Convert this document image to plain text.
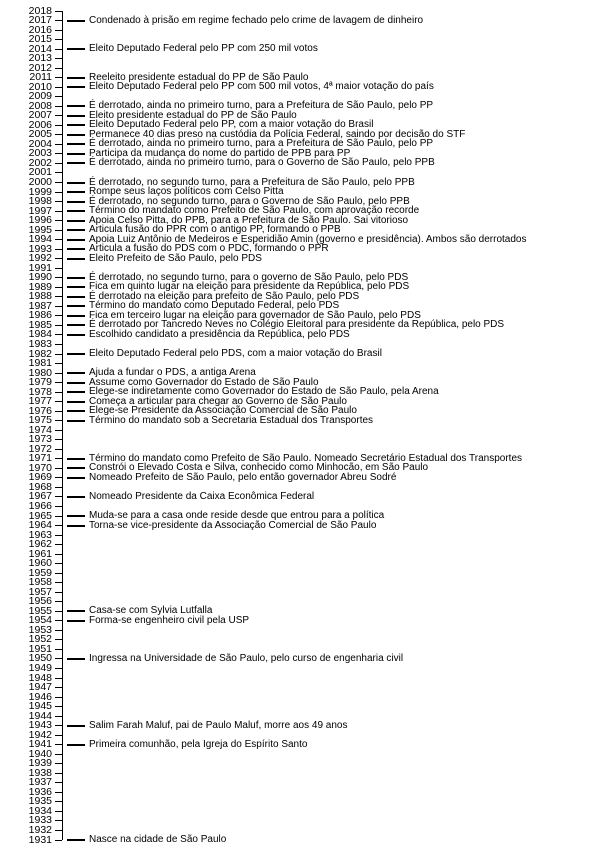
2018
2017
2016
2015
2014
2013
2012
2011
2010
2009
2008
2007
2006
2005
2004
2003
2002
2001
2000
1999
1998
1997
1996
1995
1994
1993
1992
1991
1990
1989
1988
1987
1986
1985
1984
1983
1982
1981
1980
1979
1978
1977
1976
1975
1974
1973
1972
1971
1970
1969
1968
1967
1966
1965
1964
1963
1962
1961
1960
1959
1958
1957
1956
1955
1954
1953
1952
1951
1950
1949
1948
1947
1946
1945
1944
1943
1942
1941
1940
1939
1938
1937
1936
1935
1934
1933
1932
1931
Condenado à prisão em regime fechado pelo crime de lavagem de dinheiro
Eleito Deputado Federal pelo PP com 250 mil votos
Reeleito presidente estadual do PP de São Paulo
Eleito Deputado Federal pelo PP com 500 mil votos, 4ª maior votação do país
É derrotado, ainda no primeiro turno, para a Prefeitura de São Paulo, pelo PP
Eleito presidente estadual do PP de São Paulo
Eleito Deputado Federal pelo PP, com a maior votação do Brasil
Permanece 40 dias preso na custódia da Polícia Federal, saindo por decisão do STF
É derrotado, ainda no primeiro turno, para a Prefeitura de São Paulo, pelo PP
Participa da mudança do nome do partido de PPB para PP
É derrotado, ainda no primeiro turno, para o Governo de São Paulo, pelo PPB
É derrotado, no segundo turno, para a Prefeitura de São Paulo, pelo PPB
Rompe seus laços políticos com Celso Pitta
É derrotado, no segundo turno, para o Governo de São Paulo, pelo PPB
Término do mandato como Prefeito de São Paulo, com aprovação recorde
Apoia Celso Pitta, do PPB, para a Prefeitura de São Paulo. Sai vitorioso
Articula fusão do PPR com o antigo PP, formando o PPB
Apoia Luiz Antônio de Medeiros e Esperidião Amin (governo e presidência). Ambos são derrotados
Articula a fusão do PDS com o PDC, formando o PPR
Eleito Prefeito de São Paulo, pelo PDS
É derrotado, no segundo turno, para o governo de São Paulo, pelo PDS
Fica em quinto lugar na eleição para presidente da República, pelo PDS
É derrotado na eleição para prefeito de São Paulo, pelo PDS
Término do mandato como Deputado Federal, pelo PDS
Fica em terceiro lugar na eleição para governador de São Paulo, pelo PDS
É derrotado por Tancredo Neves no Colégio Eleitoral para presidente da República, pelo PDS
Escolhido candidato a presidência da República, pelo PDS
Eleito Deputado Federal pelo PDS, com a maior votação do Brasil
Ajuda a fundar o PDS, a antiga Arena
Assume como Governador do Estado de São Paulo
Elege-se indiretamente como Governador do Estado de São Paulo, pela Arena
Começa a articular para chegar ao Governo de São Paulo
Elege-se Presidente da Associação Comercial de São Paulo
Término do mandato sob a Secretaria Estadual dos Transportes
Término do mandato como Prefeito de São Paulo. Nomeado Secretário Estadual dos Transportes
Constrói o Elevado Costa e Silva, conhecido como Minhocão, em São Paulo
Nomeado Prefeito de São Paulo, pelo então governador Abreu Sodré
Nomeado Presidente da Caixa Econômica Federal
Muda-se para a casa onde reside desde que entrou para a política
Torna-se vice-presidente da Associação Comercial de São Paulo
Casa-se com Sylvia Lutfalla
Forma-se engenheiro civil pela USP
Ingressa na Universidade de São Paulo, pelo curso de engenharia civil
Salim Farah Maluf, pai de Paulo Maluf, morre aos 49 anos
Primeira comunhão, pela Igreja do Espírito Santo
Nasce na cidade de São Paulo
